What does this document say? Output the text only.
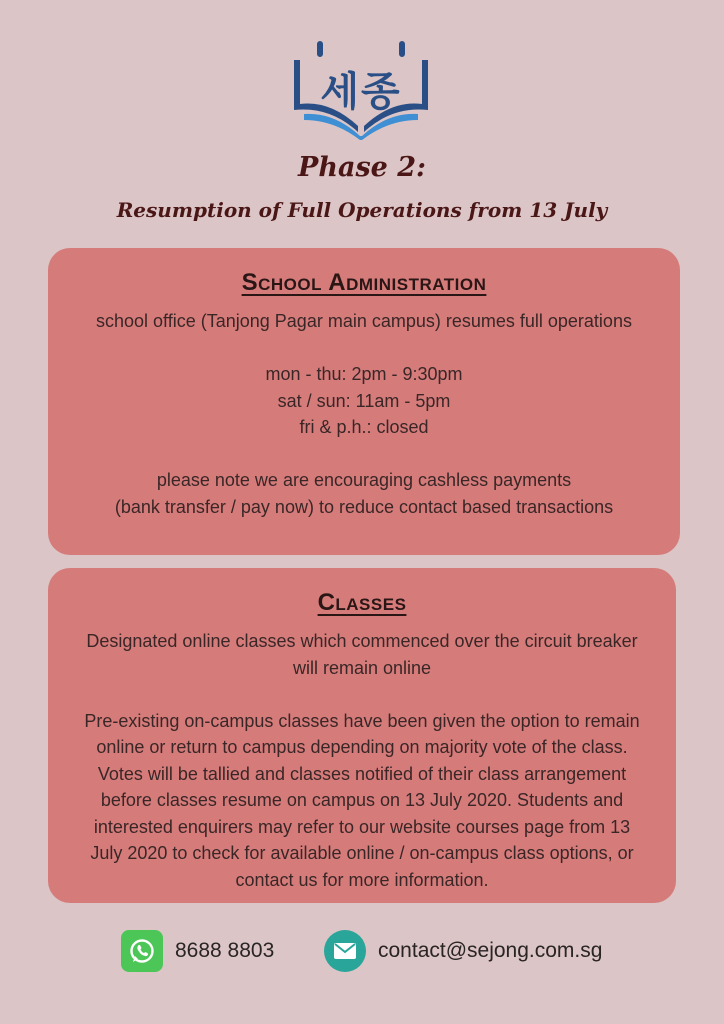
세종
Phase 2:
Resumption of Full Operations from 13 July
School Administration
school office (Tanjong Pagar main campus) resumes full operations

mon - thu: 2pm - 9:30pm
sat / sun: 11am - 5pm
fri & p.h.: closed

please note we are encouraging cashless payments
(bank transfer / pay now) to reduce contact based transactions
Classes
Designated online classes which commenced over the circuit breaker will remain online

Pre-existing on-campus classes have been given the option to remain online or return to campus depending on majority vote of the class. Votes will be tallied and classes notified of their class arrangement before classes resume on campus on 13 July 2020. Students and interested enquirers may refer to our website courses page from 13 July 2020 to check for available online / on-campus class options, or contact us for more information.
8688 8803	contact@sejong.com.sg
